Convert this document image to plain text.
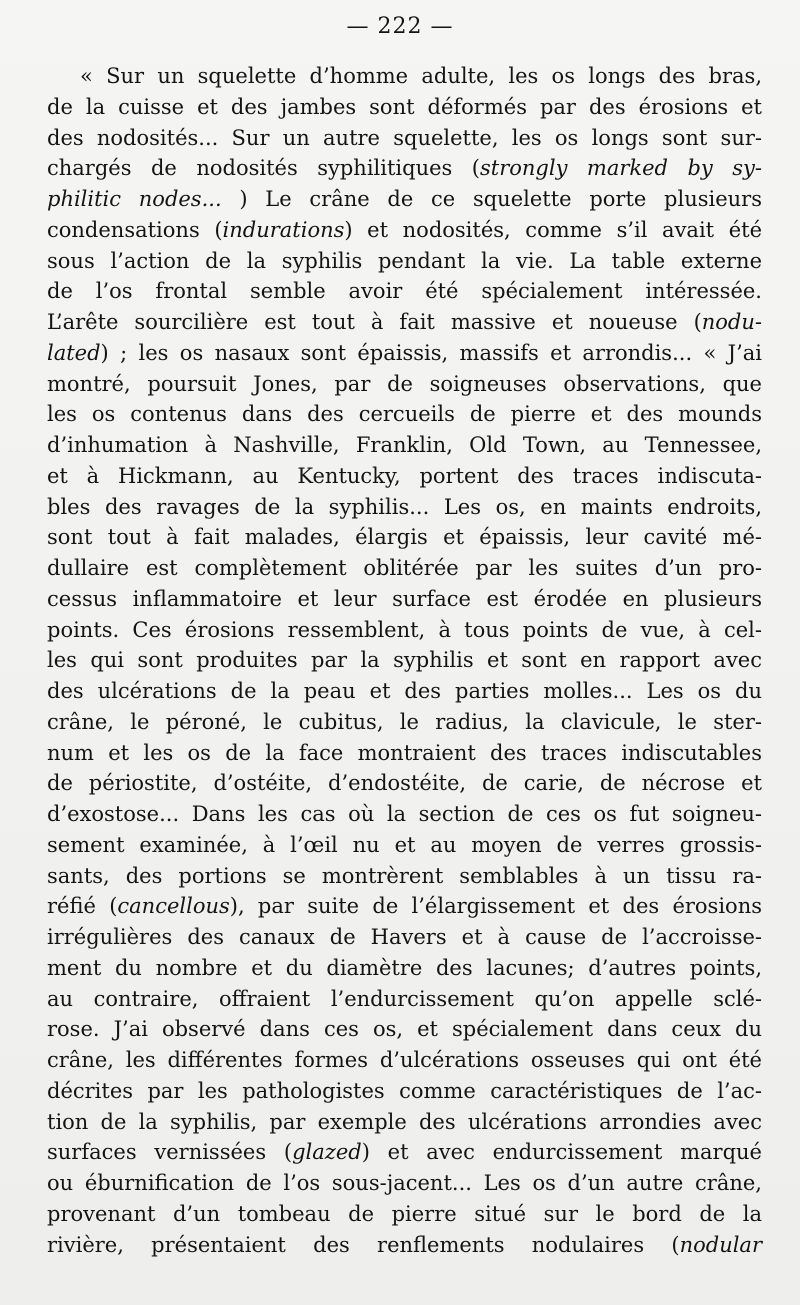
— 222 —
« Sur un squelette d’homme adulte, les os longs des bras,
de la cuisse et des jambes sont déformés par des érosions et
des nodosités... Sur un autre squelette, les os longs sont sur-
chargés de nodosités syphilitiques (strongly marked by sy-
philitic nodes... ) Le crâne de ce squelette porte plusieurs
condensations (indurations) et nodosités, comme s’il avait été
sous l’action de la syphilis pendant la vie. La table externe
de l’os frontal semble avoir été spécialement intéressée.
L’arête sourcilière est tout à fait massive et noueuse (nodu-
lated) ; les os nasaux sont épaissis, massifs et arrondis... « J’ai
montré, poursuit Jones, par de soigneuses observations, que
les os contenus dans des cercueils de pierre et des mounds
d’inhumation à Nashville, Franklin, Old Town, au Tennessee,
et à Hickmann, au Kentucky, portent des traces indiscuta-
bles des ravages de la syphilis... Les os, en maints endroits,
sont tout à fait malades, élargis et épaissis, leur cavité mé-
dullaire est complètement oblitérée par les suites d’un pro-
cessus inflammatoire et leur surface est érodée en plusieurs
points. Ces érosions ressemblent, à tous points de vue, à cel-
les qui sont produites par la syphilis et sont en rapport avec
des ulcérations de la peau et des parties molles... Les os du
crâne, le péroné, le cubitus, le radius, la clavicule, le ster-
num et les os de la face montraient des traces indiscutables
de périostite, d’ostéite, d’endostéite, de carie, de nécrose et
d’exostose... Dans les cas où la section de ces os fut soigneu-
sement examinée, à l’œil nu et au moyen de verres grossis-
sants, des portions se montrèrent semblables à un tissu ra-
réfié (cancellous), par suite de l’élargissement et des érosions
irrégulières des canaux de Havers et à cause de l’accroisse-
ment du nombre et du diamètre des lacunes; d’autres points,
au contraire, offraient l’endurcissement qu’on appelle sclé-
rose. J’ai observé dans ces os, et spécialement dans ceux du
crâne, les différentes formes d’ulcérations osseuses qui ont été
décrites par les pathologistes comme caractéristiques de l’ac-
tion de la syphilis, par exemple des ulcérations arrondies avec
surfaces vernissées (glazed) et avec endurcissement marqué
ou éburnification de l’os sous-jacent... Les os d’un autre crâne,
provenant d’un tombeau de pierre situé sur le bord de la
rivière, présentaient des renflements nodulaires (nodular
